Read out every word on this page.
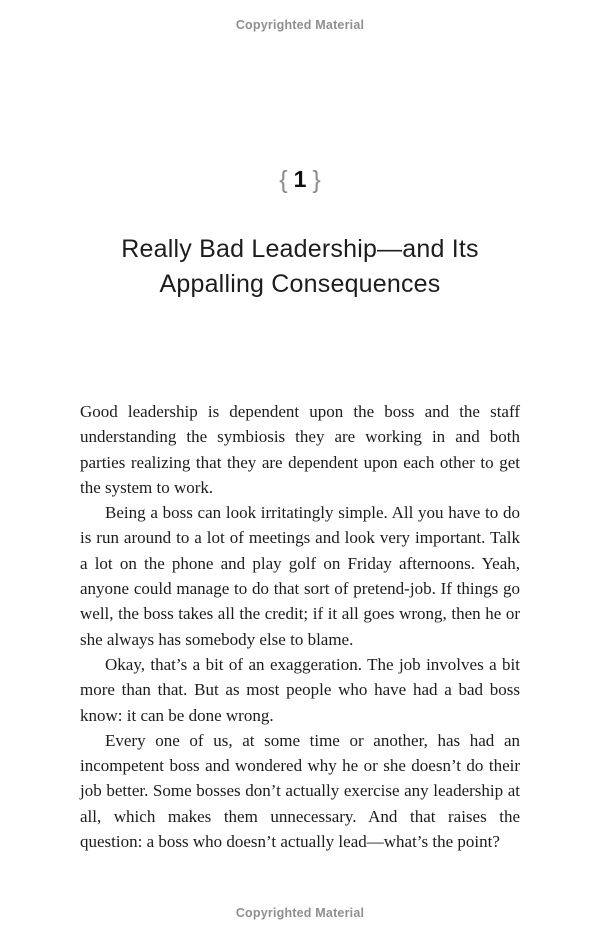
Copyrighted Material
{ 1 }
Really Bad Leadership—and Its
Appalling Consequences

Good leadership is dependent upon the boss and the staff understanding the symbiosis they are working in and both parties realizing that they are dependent upon each other to get the system to work.

Being a boss can look irritatingly simple. All you have to do is run around to a lot of meetings and look very important. Talk a lot on the phone and play golf on Friday afternoons. Yeah, anyone could manage to do that sort of pretend-job. If things go well, the boss takes all the credit; if it all goes wrong, then he or she always has somebody else to blame.

Okay, that’s a bit of an exaggeration. The job involves a bit more than that. But as most people who have had a bad boss know: it can be done wrong.

Every one of us, at some time or another, has had an incompetent boss and wondered why he or she doesn’t do their job better. Some bosses don’t actually exercise any leadership at all, which makes them unnecessary. And that raises the question: a boss who doesn’t actually lead—what’s the point?

Copyrighted Material
